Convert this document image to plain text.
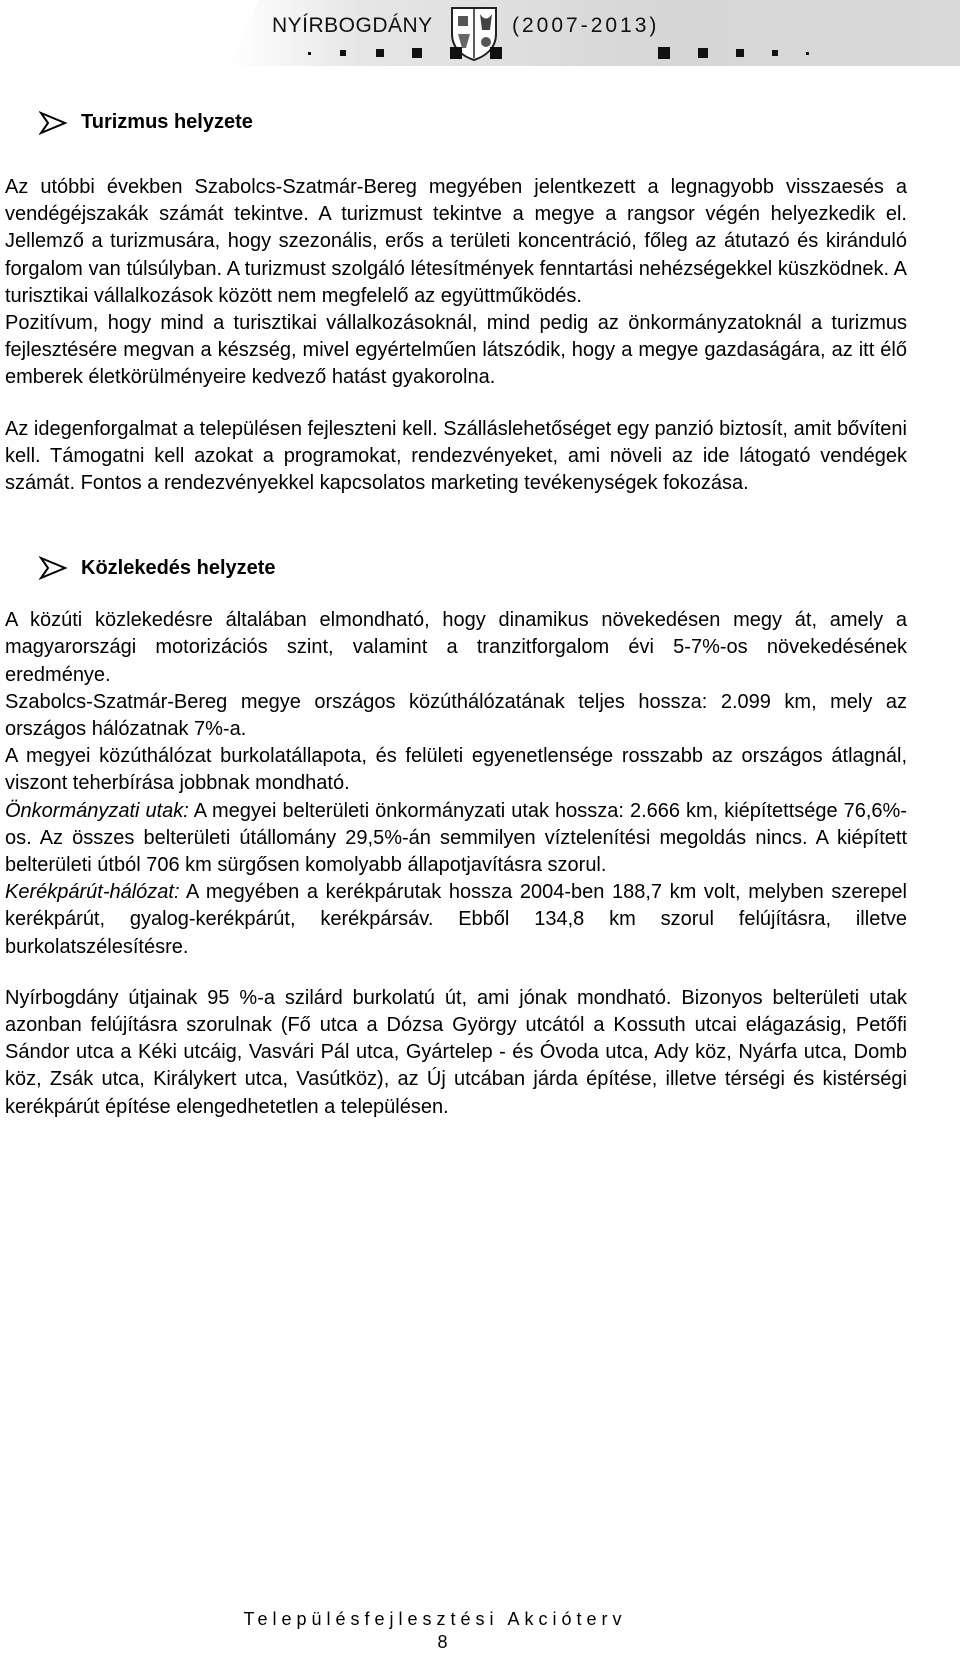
NYÍRBOGDÁNY	(2007-2013)
Turizmus helyzete

Az utóbbi években Szabolcs-Szatmár-Bereg megyében jelentkezett a legnagyobb visszaesés a vendégéjszakák számát tekintve. A turizmust tekintve a megye a rangsor végén helyezkedik el. Jellemző a turizmusára, hogy szezonális, erős a területi koncentráció, főleg az átutazó és kiránduló forgalom van túlsúlyban. A turizmust szolgáló létesítmények fenntartási nehézségekkel küszködnek. A turisztikai vállalkozások között nem megfelelő az együttműködés.

Pozitívum, hogy mind a turisztikai vállalkozásoknál, mind pedig az önkormányzatoknál a turizmus fejlesztésére megvan a készség, mivel egyértelműen látszódik, hogy a megye gazdaságára, az itt élő emberek életkörülményeire kedvező hatást gyakorolna.

Az idegenforgalmat a településen fejleszteni kell. Szálláslehetőséget egy panzió biztosít, amit bővíteni kell. Támogatni kell azokat a programokat, rendezvényeket, ami növeli az ide látogató vendégek számát. Fontos a rendezvényekkel kapcsolatos marketing tevékenységek fokozása.

Közlekedés helyzete

A közúti közlekedésre általában elmondható, hogy dinamikus növekedésen megy át, amely a magyarországi motorizációs szint, valamint a tranzitforgalom évi 5-7%-os növekedésének eredménye.

Szabolcs-Szatmár-Bereg megye országos közúthálózatának teljes hossza: 2.099 km, mely az országos hálózatnak 7%-a.

A megyei közúthálózat burkolatállapota, és felületi egyenetlensége rosszabb az országos átlagnál, viszont teherbírása jobbnak mondható.

Önkormányzati utak: A megyei belterületi önkormányzati utak hossza: 2.666 km, kiépítettsége 76,6%-os. Az összes belterületi útállomány 29,5%-án semmilyen víztelenítési megoldás nincs. A kiépített belterületi útból 706 km sürgősen komolyabb állapotjavításra szorul.

Kerékpárút-hálózat: A megyében a kerékpárutak hossza 2004-ben 188,7 km volt, melyben szerepel kerékpárút, gyalog-kerékpárút, kerékpársáv. Ebből 134,8 km szorul felújításra, illetve burkolatszélesítésre.

Nyírbogdány útjainak 95 %-a szilárd burkolatú út, ami jónak mondható. Bizonyos belterületi utak azonban felújításra szorulnak (Fő utca a Dózsa György utcától a Kossuth utcai elágazásig, Petőfi Sándor utca a Kéki utcáig, Vasvári Pál utca, Gyártelep - és Óvoda utca, Ady köz, Nyárfa utca, Domb köz, Zsák utca, Királykert utca, Vasútköz), az Új utcában járda építése, illetve térségi és kistérségi kerékpárút építése elengedhetetlen a településen.

Településfejlesztési Akcióterv
8
